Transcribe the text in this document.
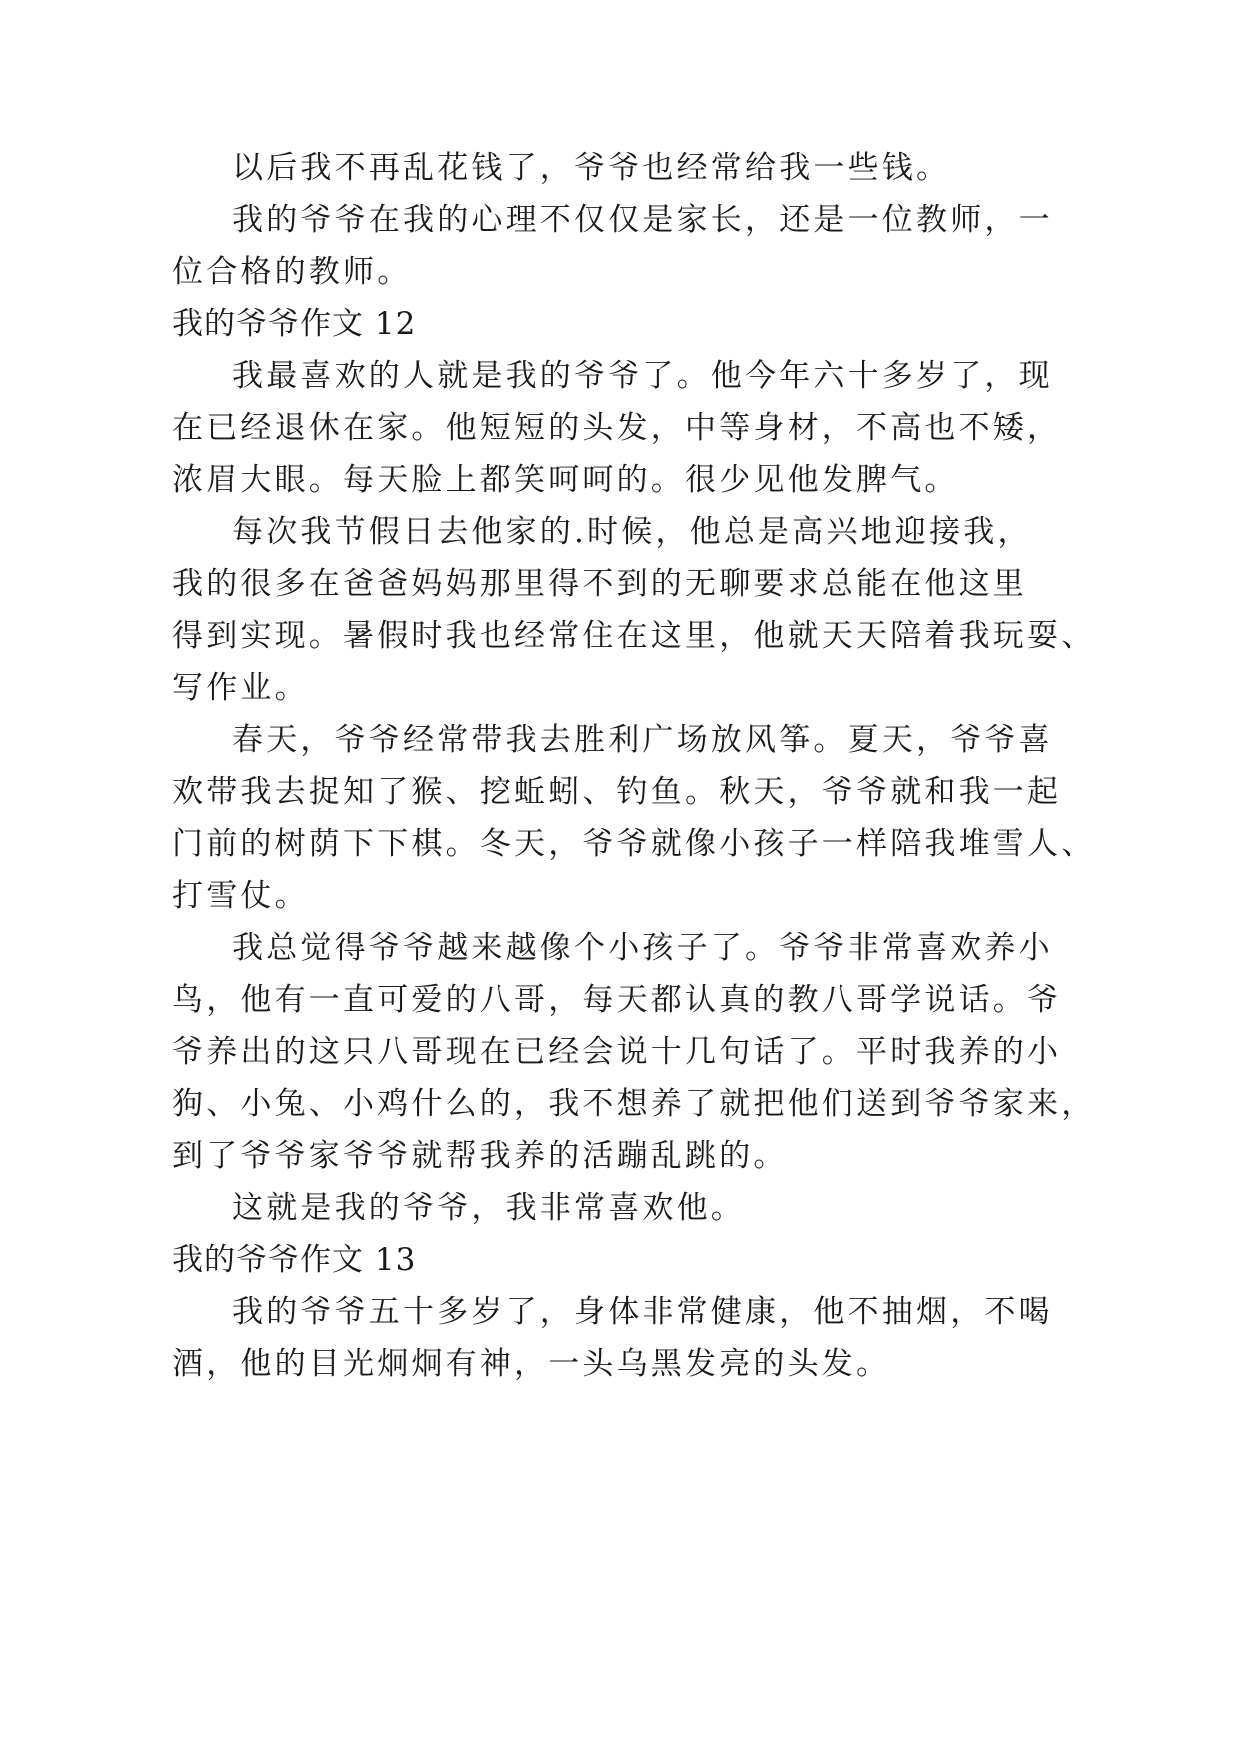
以后我不再乱花钱了，爷爷也经常给我一些钱。
我的爷爷在我的心理不仅仅是家长，还是一位教师，一
位合格的教师。
我的爷爷作文 12
我最喜欢的人就是我的爷爷了。他今年六十多岁了，现
在已经退休在家。他短短的头发，中等身材，不高也不矮，
浓眉大眼。每天脸上都笑呵呵的。很少见他发脾气。
每次我节假日去他家的.时候，他总是高兴地迎接我，
我的很多在爸爸妈妈那里得不到的无聊要求总能在他这里
得到实现。暑假时我也经常住在这里，他就天天陪着我玩耍、
写作业。
春天，爷爷经常带我去胜利广场放风筝。夏天，爷爷喜
欢带我去捉知了猴、挖蚯蚓、钓鱼。秋天，爷爷就和我一起
门前的树荫下下棋。冬天，爷爷就像小孩子一样陪我堆雪人、
打雪仗。
我总觉得爷爷越来越像个小孩子了。爷爷非常喜欢养小
鸟，他有一直可爱的八哥，每天都认真的教八哥学说话。爷
爷养出的这只八哥现在已经会说十几句话了。平时我养的小
狗、小兔、小鸡什么的，我不想养了就把他们送到爷爷家来，
到了爷爷家爷爷就帮我养的活蹦乱跳的。
这就是我的爷爷，我非常喜欢他。
我的爷爷作文 13
我的爷爷五十多岁了，身体非常健康，他不抽烟，不喝
酒，他的目光炯炯有神，一头乌黑发亮的头发。
